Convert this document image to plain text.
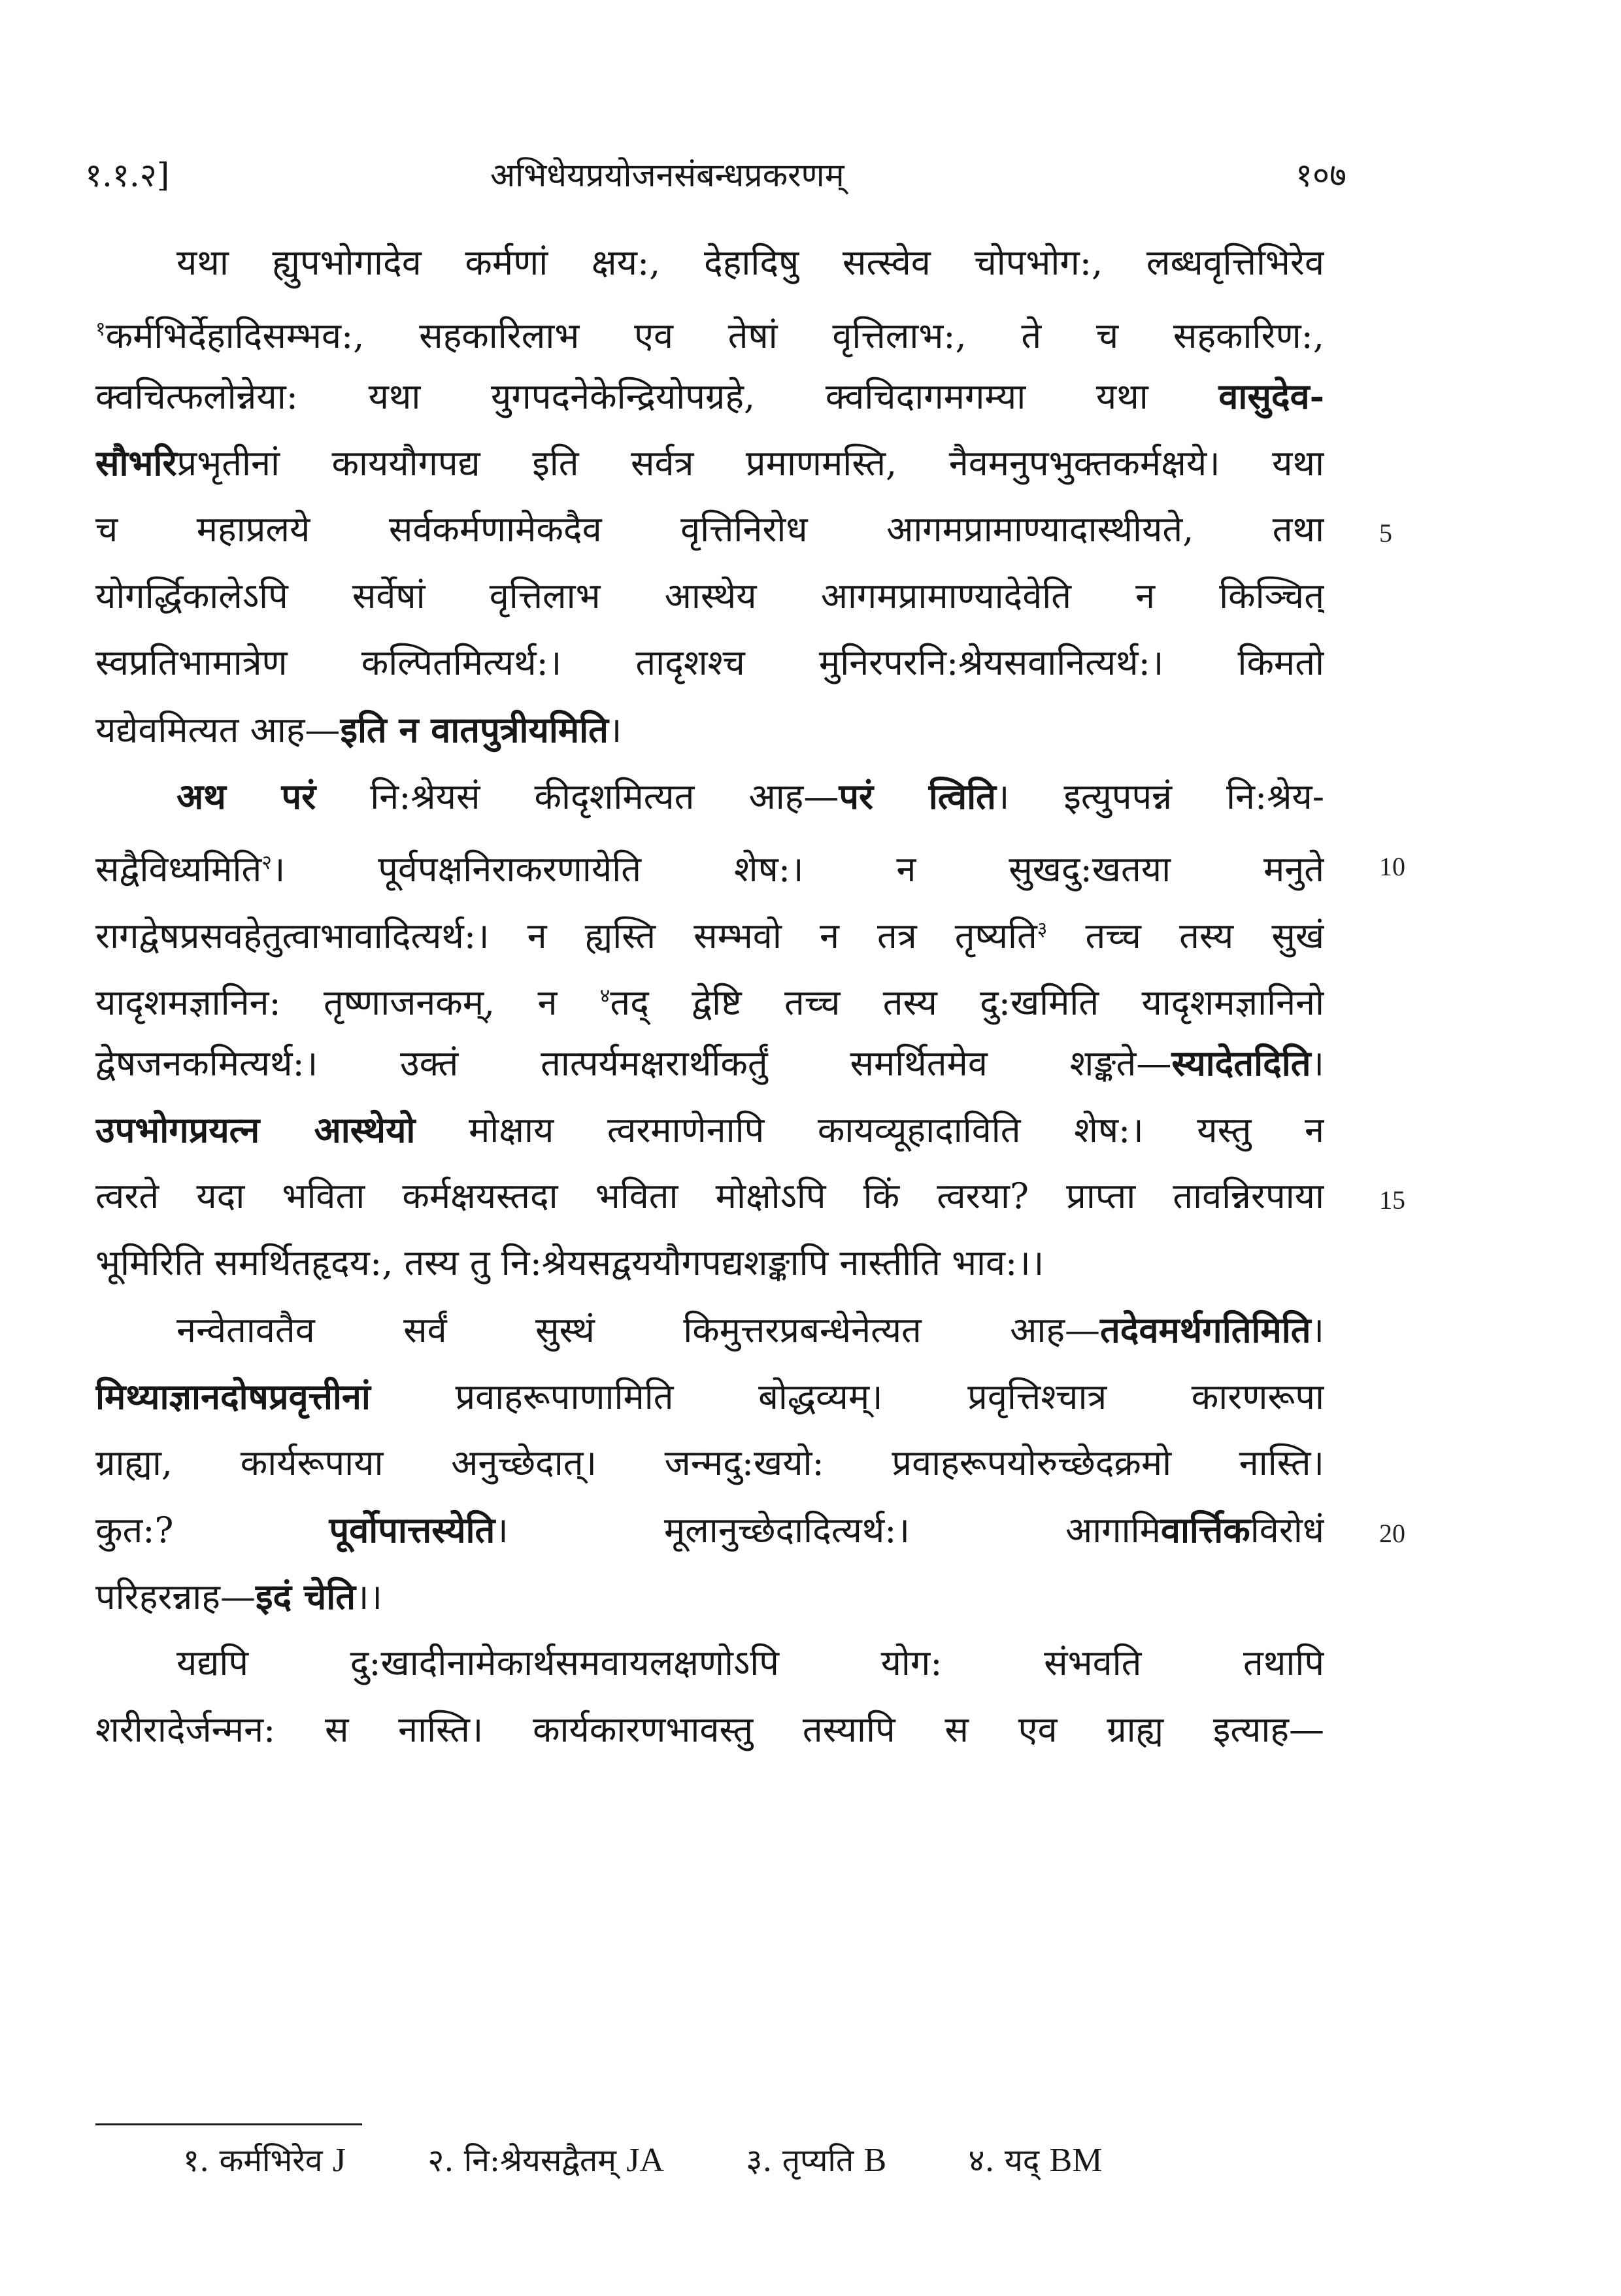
१.१.२]	अभिधेयप्रयोजनसंबन्धप्रकरणम्	१०७
यथा ह्युपभोगादेव कर्मणां क्षय:, देहादिषु सत्स्वेव चोपभोग:, लब्धवृत्तिभिरेव
$^१$कर्मभिर्देहादिसम्भव:, सहकारिलाभ एव तेषां वृत्तिलाभ:, ते च सहकारिण:,
क्वचित्फलोन्नेया: यथा युगपदनेकेन्द्रियोपग्रहे, क्वचिदागमगम्या यथा वासुदेव-
सौभरिप्रभृतीनां काययौगपद्य इति सर्वत्र प्रमाणमस्ति, नैवमनुपभुक्तकर्मक्षये। यथा
च महाप्रलये सर्वकर्मणामेकदैव वृत्तिनिरोध आगमप्रामाण्यादास्थीयते, तथा 5
योगर्द्धिकालेऽपि सर्वेषां वृत्तिलाभ आस्थेय आगमप्रामाण्यादेवेति न किञ्चित्
स्वप्रतिभामात्रेण कल्पितमित्यर्थ:। तादृशश्च मुनिरपरनि:श्रेयसवानित्यर्थ:। किमतो
यद्येवमित्यत आह—इति न वातपुत्रीयमिति।
अथ परं नि:श्रेयसं कीदृशमित्यत आह—परं त्विति। इत्युपपन्नं नि:श्रेय-
सद्वैविध्यमिति$^२$। पूर्वपक्षनिराकरणायेति शेष:। न सुखदु:खतया मनुते 10
रागद्वेषप्रसवहेतुत्वाभावादित्यर्थ:। न ह्यस्ति सम्भवो न तत्र तृष्यति$^३$ तच्च तस्य सुखं
यादृशमज्ञानिन: तृष्णाजनकम्, न $^४$तद् द्वेष्टि तच्च तस्य दु:खमिति यादृशमज्ञानिनो
द्वेषजनकमित्यर्थ:। उक्तं तात्पर्यमक्षरार्थीकर्तुं समर्थितमेव शङ्कते—स्यादेतदिति।
उपभोगप्रयत्न आस्थेयो मोक्षाय त्वरमाणेनापि कायव्यूहादाविति शेष:। यस्तु न
त्वरते यदा भविता कर्मक्षयस्तदा भविता मोक्षोऽपि किं त्वरया? प्राप्ता तावन्निरपाया 15
भूमिरिति समर्थितहृदय:, तस्य तु नि:श्रेयसद्वययौगपद्यशङ्कापि नास्तीति भाव:।।
नन्वेतावतैव सर्वं सुस्थं किमुत्तरप्रबन्धेनेत्यत आह—तदेवमर्थगतिमिति।
मिथ्याज्ञानदोषप्रवृत्तीनां प्रवाहरूपाणामिति बोद्धव्यम्। प्रवृत्तिश्चात्र कारणरूपा
ग्राह्या, कार्यरूपाया अनुच्छेदात्। जन्मदु:खयो: प्रवाहरूपयोरुच्छेदक्रमो नास्ति।
कुत:? पूर्वोपात्तस्येति। मूलानुच्छेदादित्यर्थ:। आगामिवार्त्तिकविरोधं 20
परिहरन्नाह—इदं चेति।।
यद्यपि दु:खादीनामेकार्थसमवायलक्षणोऽपि योग: संभवति तथापि
शरीरादेर्जन्मन: स नास्ति। कार्यकारणभावस्तु तस्यापि स एव ग्राह्य इत्याह—
१. कर्मभिरेव J	२. नि:श्रेयसद्वैतम् JA	३. तृप्यति B	४. यद् BM
